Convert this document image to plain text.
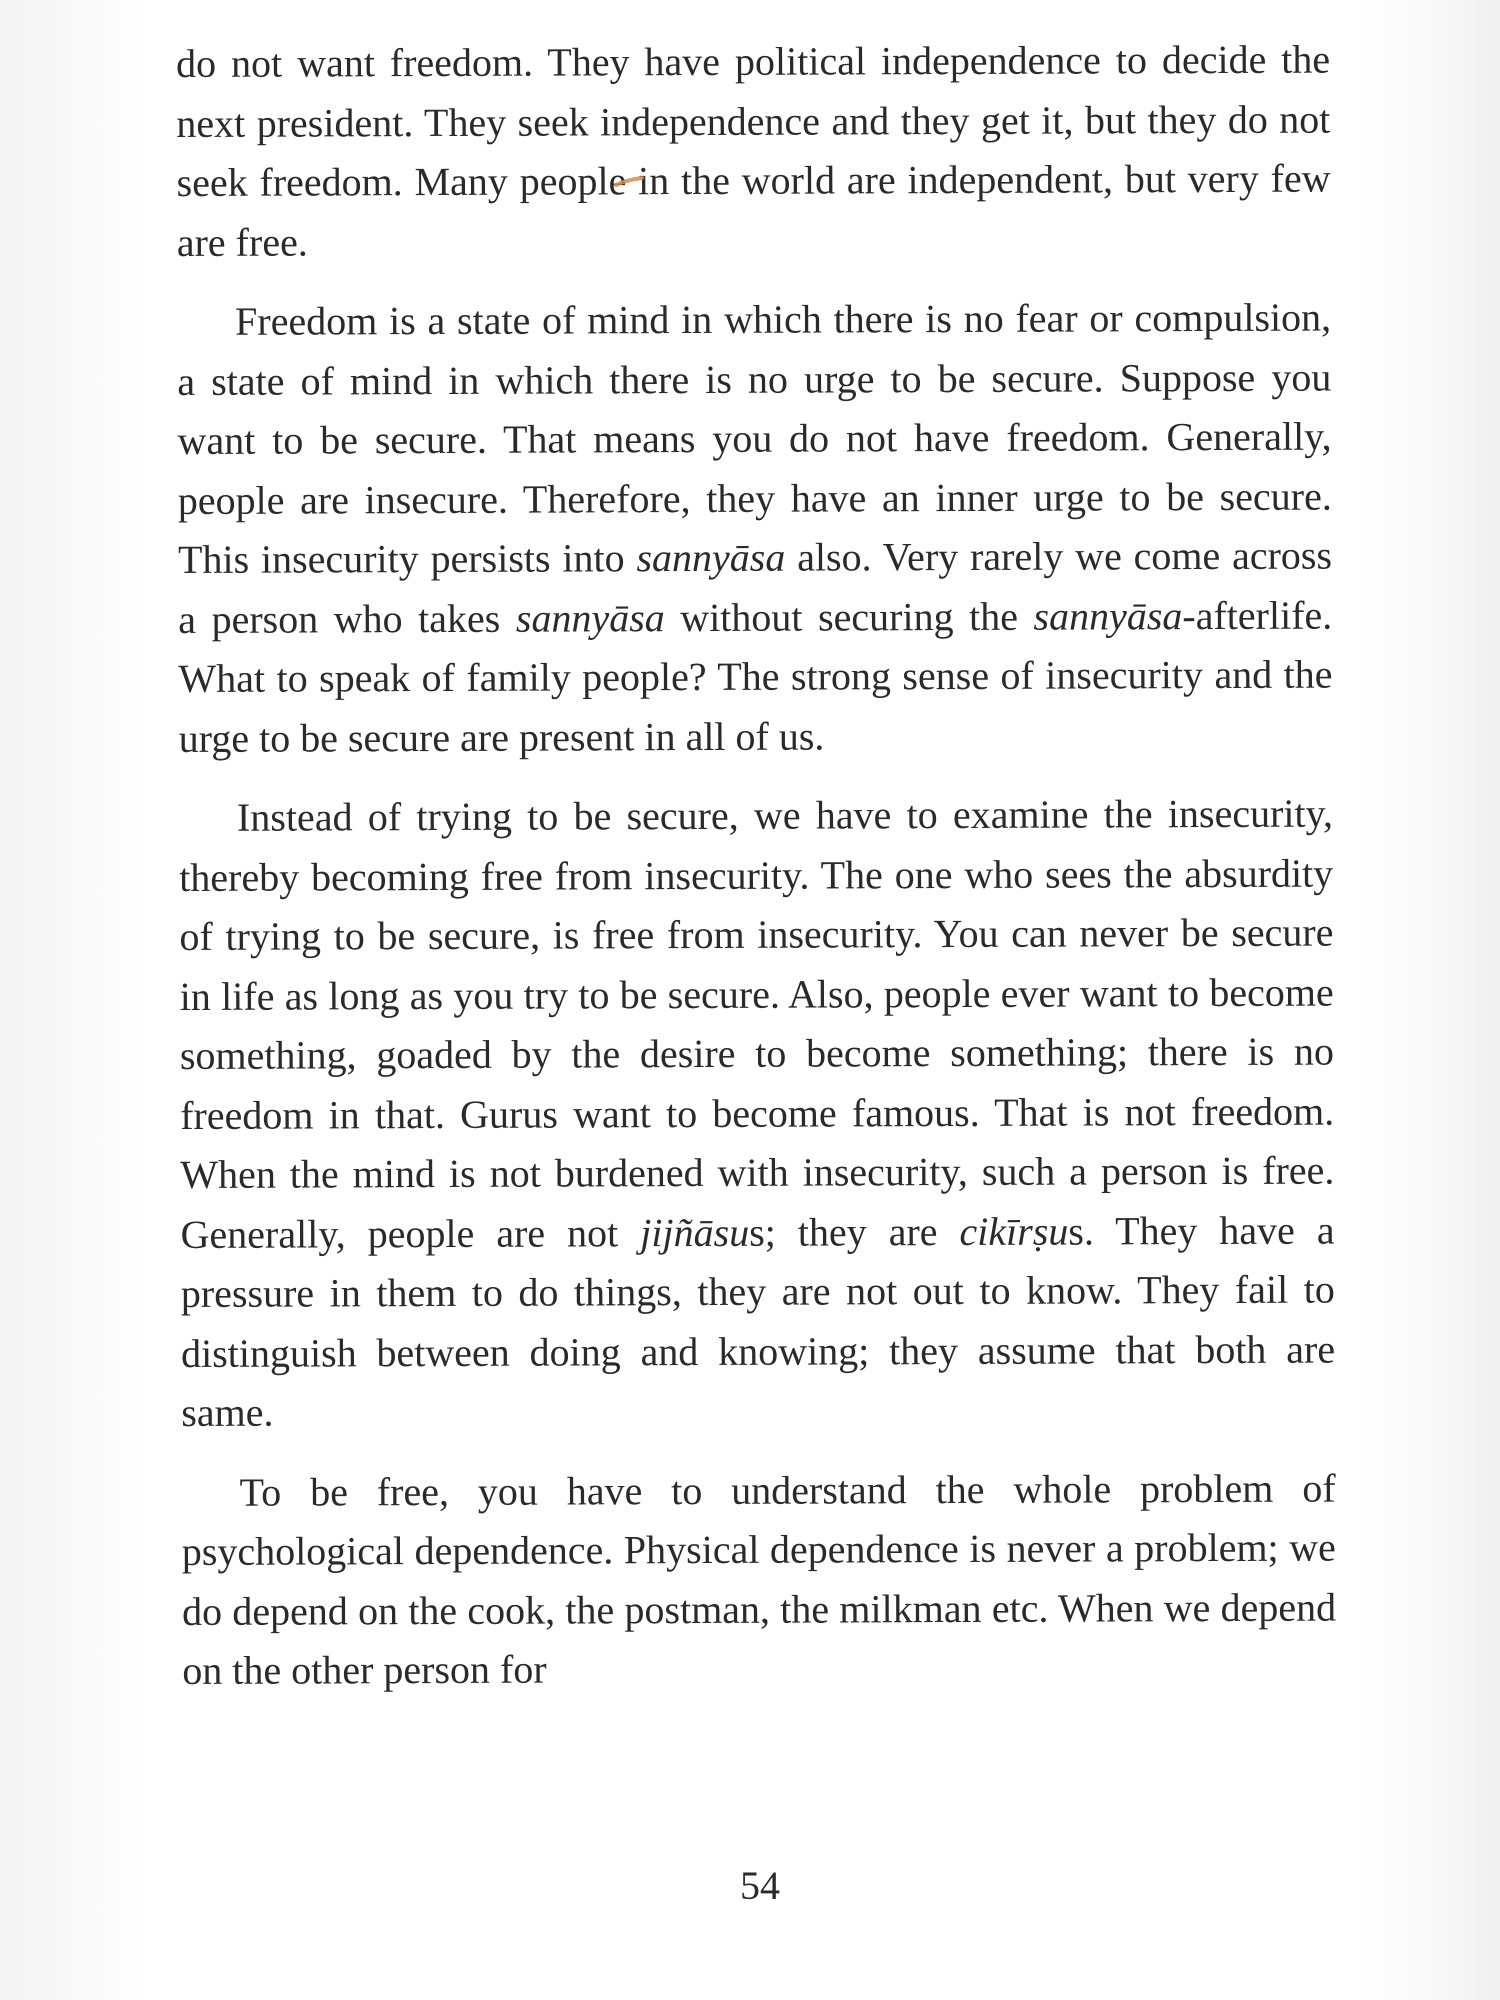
do not want freedom. They have political independence to decide the next president. They seek independence and they get it, but they do not seek freedom. Many people in the world are independent, but very few are free.

Freedom is a state of mind in which there is no fear or compulsion, a state of mind in which there is no urge to be secure. Suppose you want to be secure. That means you do not have freedom. Generally, people are insecure. Therefore, they have an inner urge to be secure. This insecurity persists into sannyāsa also. Very rarely we come across a person who takes sannyāsa without securing the sannyāsa-afterlife. What to speak of family people? The strong sense of insecurity and the urge to be secure are present in all of us.

Instead of trying to be secure, we have to examine the insecurity, thereby becoming free from insecurity. The one who sees the absurdity of trying to be secure, is free from insecurity. You can never be secure in life as long as you try to be secure. Also, people ever want to become something, goaded by the desire to become something; there is no freedom in that. Gurus want to become famous. That is not freedom. When the mind is not burdened with insecurity, such a person is free. Generally, people are not jijñāsus; they are cikīrṣus. They have a pressure in them to do things, they are not out to know. They fail to distinguish between doing and knowing; they assume that both are same.

To be free, you have to understand the whole problem of psychological dependence. Physical dependence is never a problem; we do depend on the cook, the postman, the milkman etc. When we depend on the other person for

54
